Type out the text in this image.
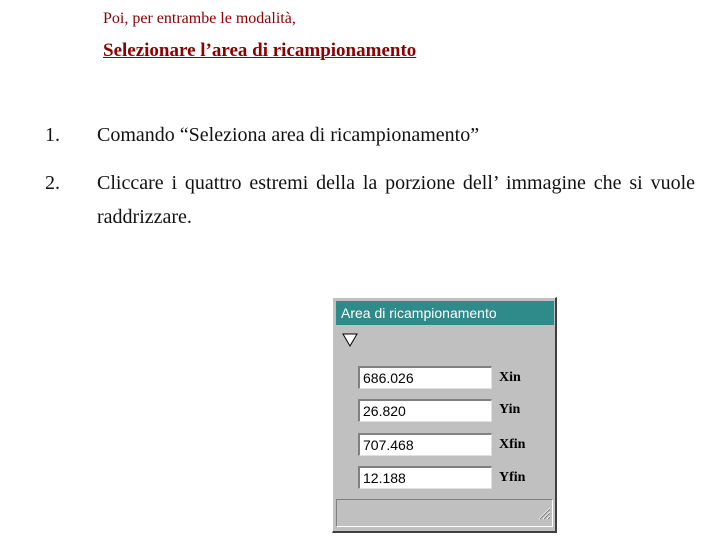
Poi, per entrambe le modalità,
Selezionare l’area di ricampionamento
1. Comando “Seleziona area di ricampionamento”
2. Cliccare i quattro estremi della la porzione dell’ immagine che si vuole raddrizzare.
Area di ricampionamento
686.026
Xin
26.820
Yin
707.468
Xfin
12.188
Yfin
